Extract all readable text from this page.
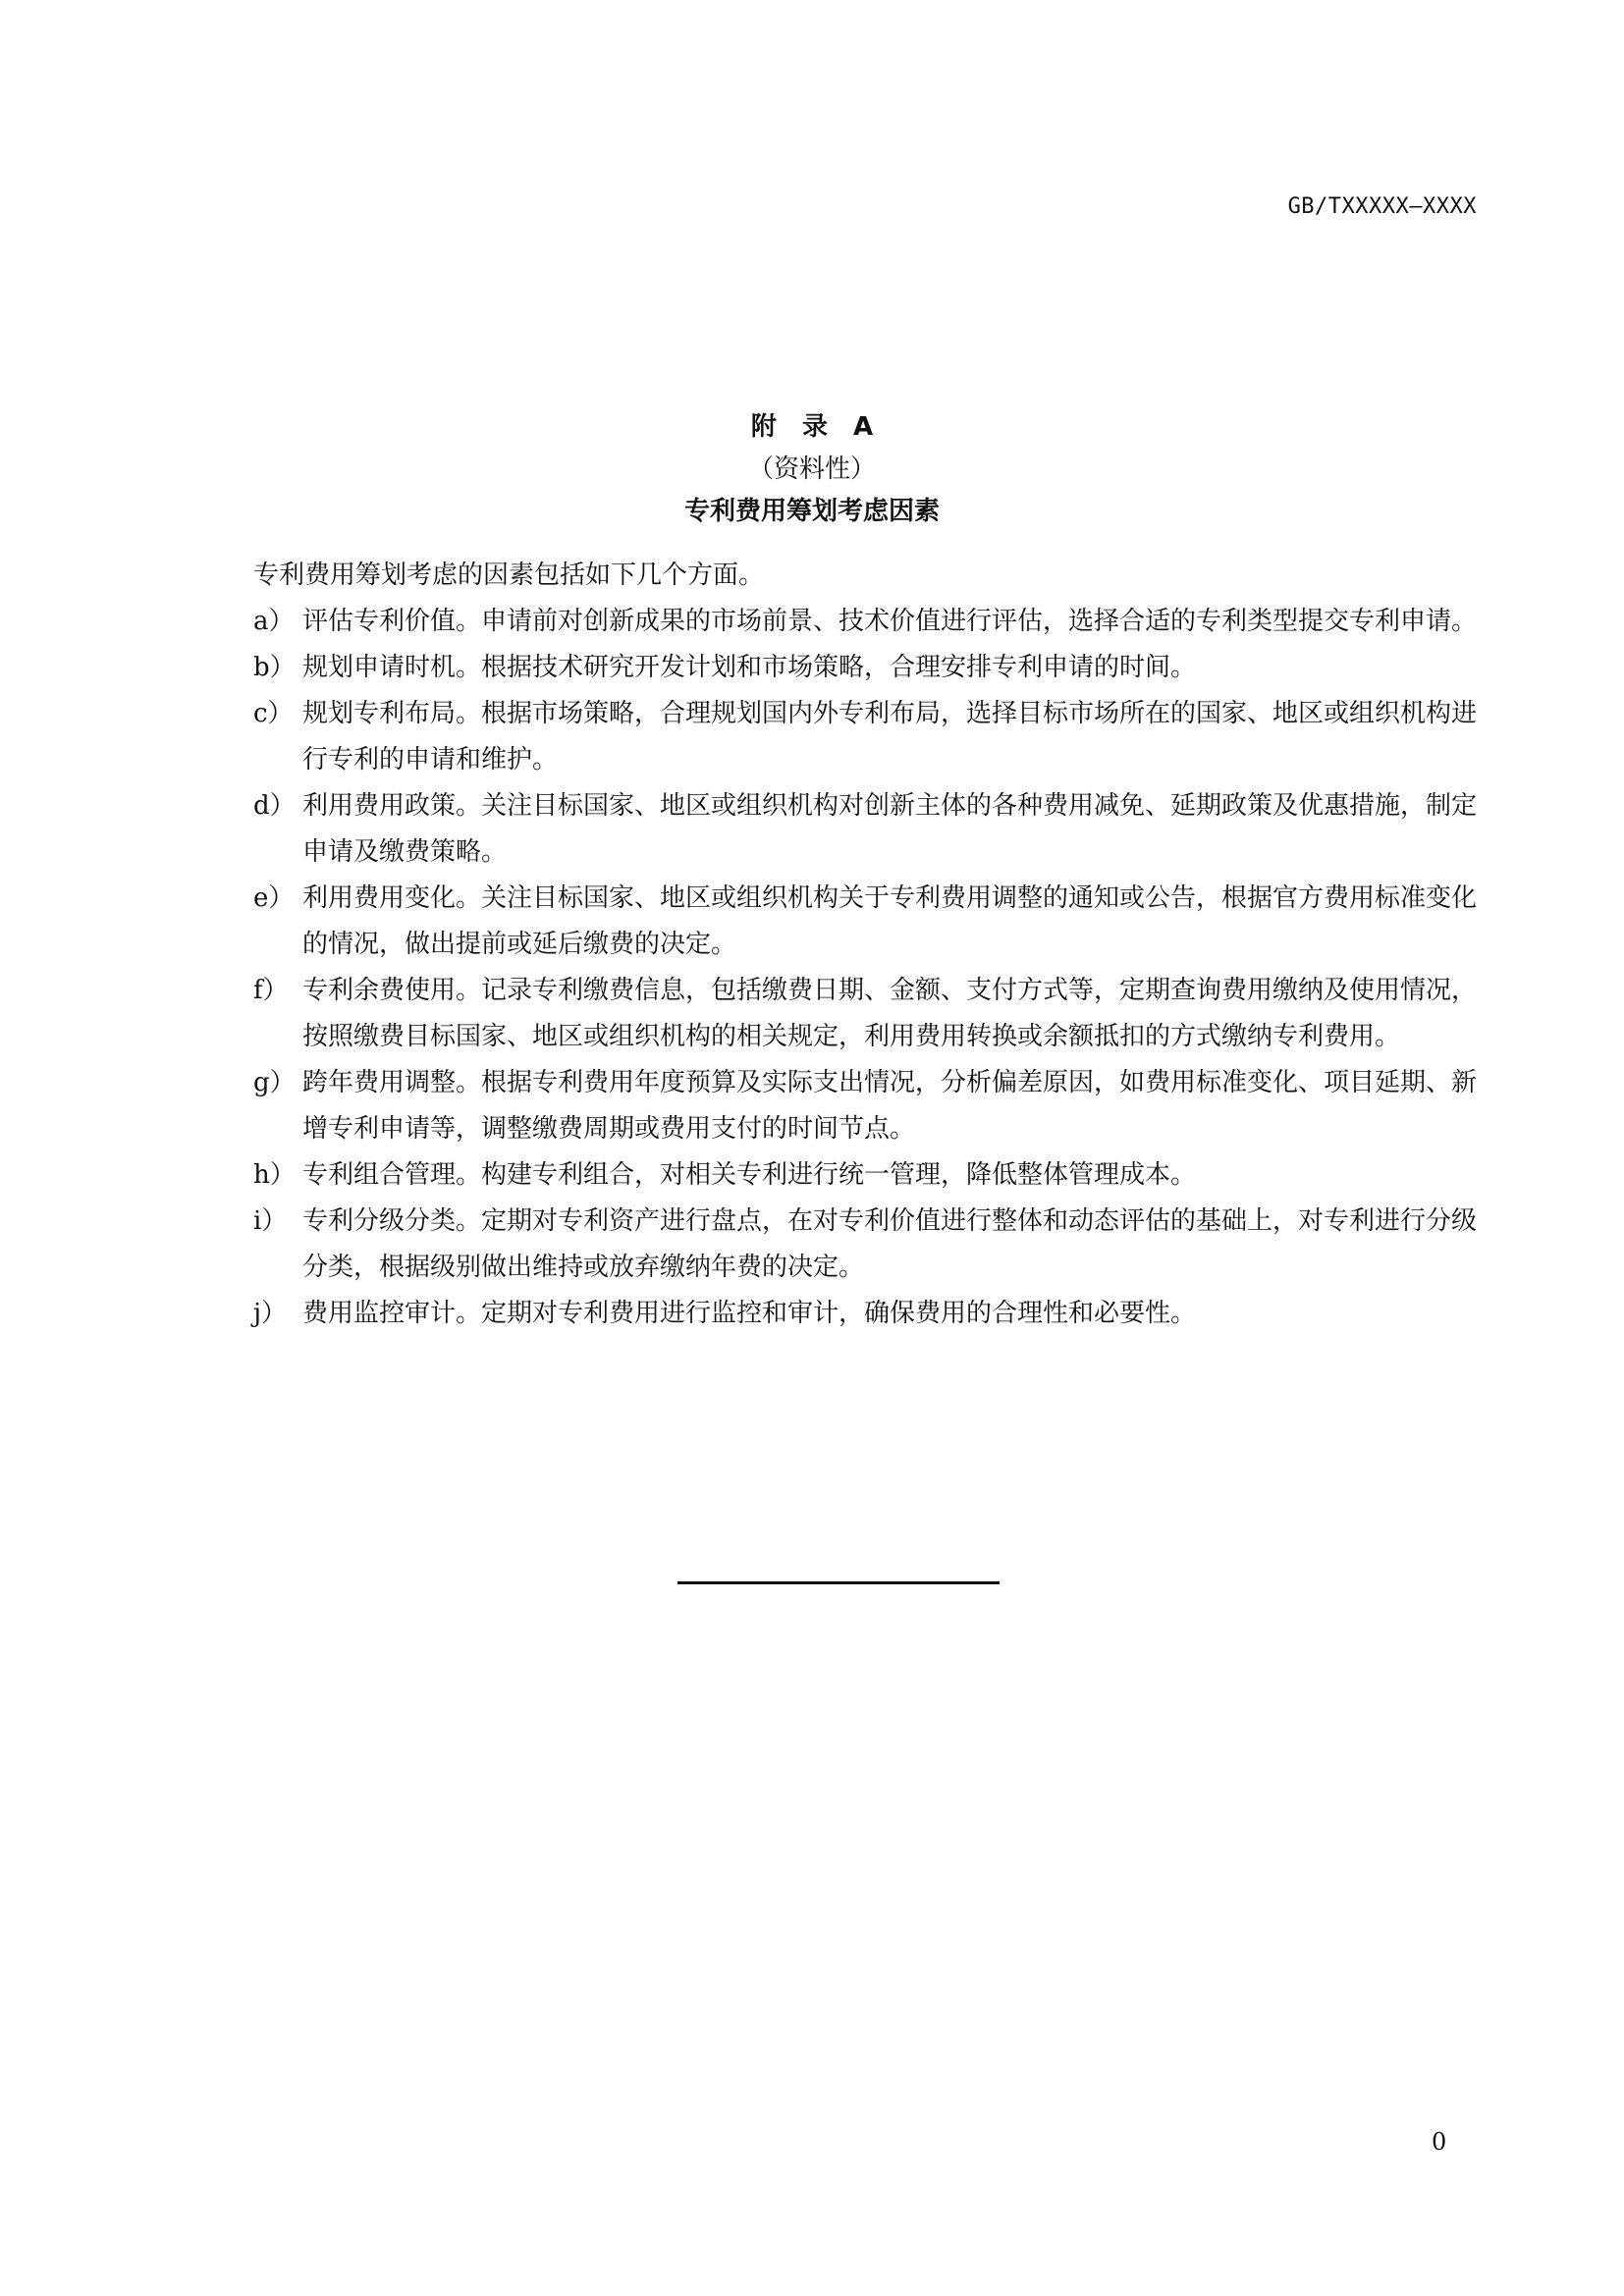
GB/TXXXXX—XXXX
附 录 A
（资料性）
专利费用筹划考虑因素

专利费用筹划考虑的因素包括如下几个方面。

a） 评估专利价值。申请前对创新成果的市场前景、技术价值进行评估，选择合适的专利类型提交专利申请。
b） 规划申请时机。根据技术研究开发计划和市场策略，合理安排专利申请的时间。
c） 规划专利布局。根据市场策略，合理规划国内外专利布局，选择目标市场所在的国家、地区或组织机构进行专利的申请和维护。
d） 利用费用政策。关注目标国家、地区或组织机构对创新主体的各种费用减免、延期政策及优惠措施，制定申请及缴费策略。
e） 利用费用变化。关注目标国家、地区或组织机构关于专利费用调整的通知或公告，根据官方费用标准变化的情况，做出提前或延后缴费的决定。
f） 专利余费使用。记录专利缴费信息，包括缴费日期、金额、支付方式等，定期查询费用缴纳及使用情况，按照缴费目标国家、地区或组织机构的相关规定，利用费用转换或余额抵扣的方式缴纳专利费用。
g） 跨年费用调整。根据专利费用年度预算及实际支出情况，分析偏差原因，如费用标准变化、项目延期、新增专利申请等，调整缴费周期或费用支付的时间节点。
h） 专利组合管理。构建专利组合，对相关专利进行统一管理，降低整体管理成本。
i） 专利分级分类。定期对专利资产进行盘点，在对专利价值进行整体和动态评估的基础上，对专利进行分级分类，根据级别做出维持或放弃缴纳年费的决定。
j） 费用监控审计。定期对专利费用进行监控和审计，确保费用的合理性和必要性。
0
